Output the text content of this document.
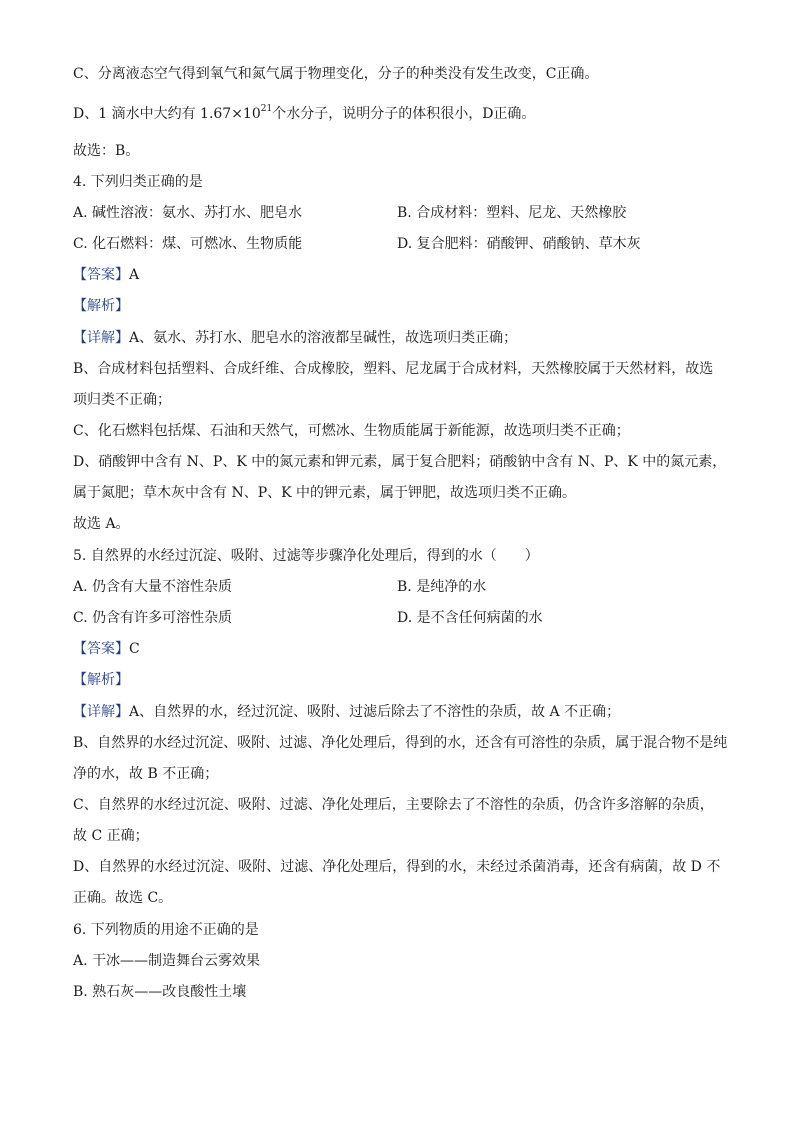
C、分离液态空气得到氧气和氮气属于物理变化，分子的种类没有发生改变，C正确。
D、1 滴水中大约有 $1.67\times 10^{21}$个水分子，说明分子的体积很小，D正确。
故选：B。
4. 下列归类正确的是
A. 碱性溶液：氨水、苏打水、肥皂水	B. 合成材料：塑料、尼龙、天然橡胶
C. 化石燃料：煤、可燃冰、生物质能	D. 复合肥料：硝酸钾、硝酸钠、草木灰
【答案】A
【解析】
【详解】A、氨水、苏打水、肥皂水的溶液都呈碱性，故选项归类正确；
B、合成材料包括塑料、合成纤维、合成橡胶，塑料、尼龙属于合成材料，天然橡胶属于天然材料，故选
项归类不正确；
C、化石燃料包括煤、石油和天然气，可燃冰、生物质能属于新能源，故选项归类不正确；
D、硝酸钾中含有 N、P、K 中的氮元素和钾元素，属于复合肥料；硝酸钠中含有 N、P、K 中的氮元素，
属于氮肥；草木灰中含有 N、P、K 中的钾元素，属于钾肥，故选项归类不正确。
故选 A。
5. 自然界的水经过沉淀、吸附、过滤等步骤净化处理后，得到的水（　　）
A. 仍含有大量不溶性杂质	B. 是纯净的水
C. 仍含有许多可溶性杂质	D. 是不含任何病菌的水
【答案】C
【解析】
【详解】A、自然界的水，经过沉淀、吸附、过滤后除去了不溶性的杂质，故 A 不正确；
B、自然界的水经过沉淀、吸附、过滤、净化处理后，得到的水，还含有可溶性的杂质，属于混合物不是纯
净的水，故 B 不正确；
C、自然界的水经过沉淀、吸附、过滤、净化处理后，主要除去了不溶性的杂质，仍含许多溶解的杂质，
故 C 正确；
D、自然界的水经过沉淀、吸附、过滤、净化处理后，得到的水，未经过杀菌消毒，还含有病菌，故 D 不
正确。故选 C。
6. 下列物质的用途不正确的是
A. 干冰——制造舞台云雾效果
B. 熟石灰——改良酸性土壤
